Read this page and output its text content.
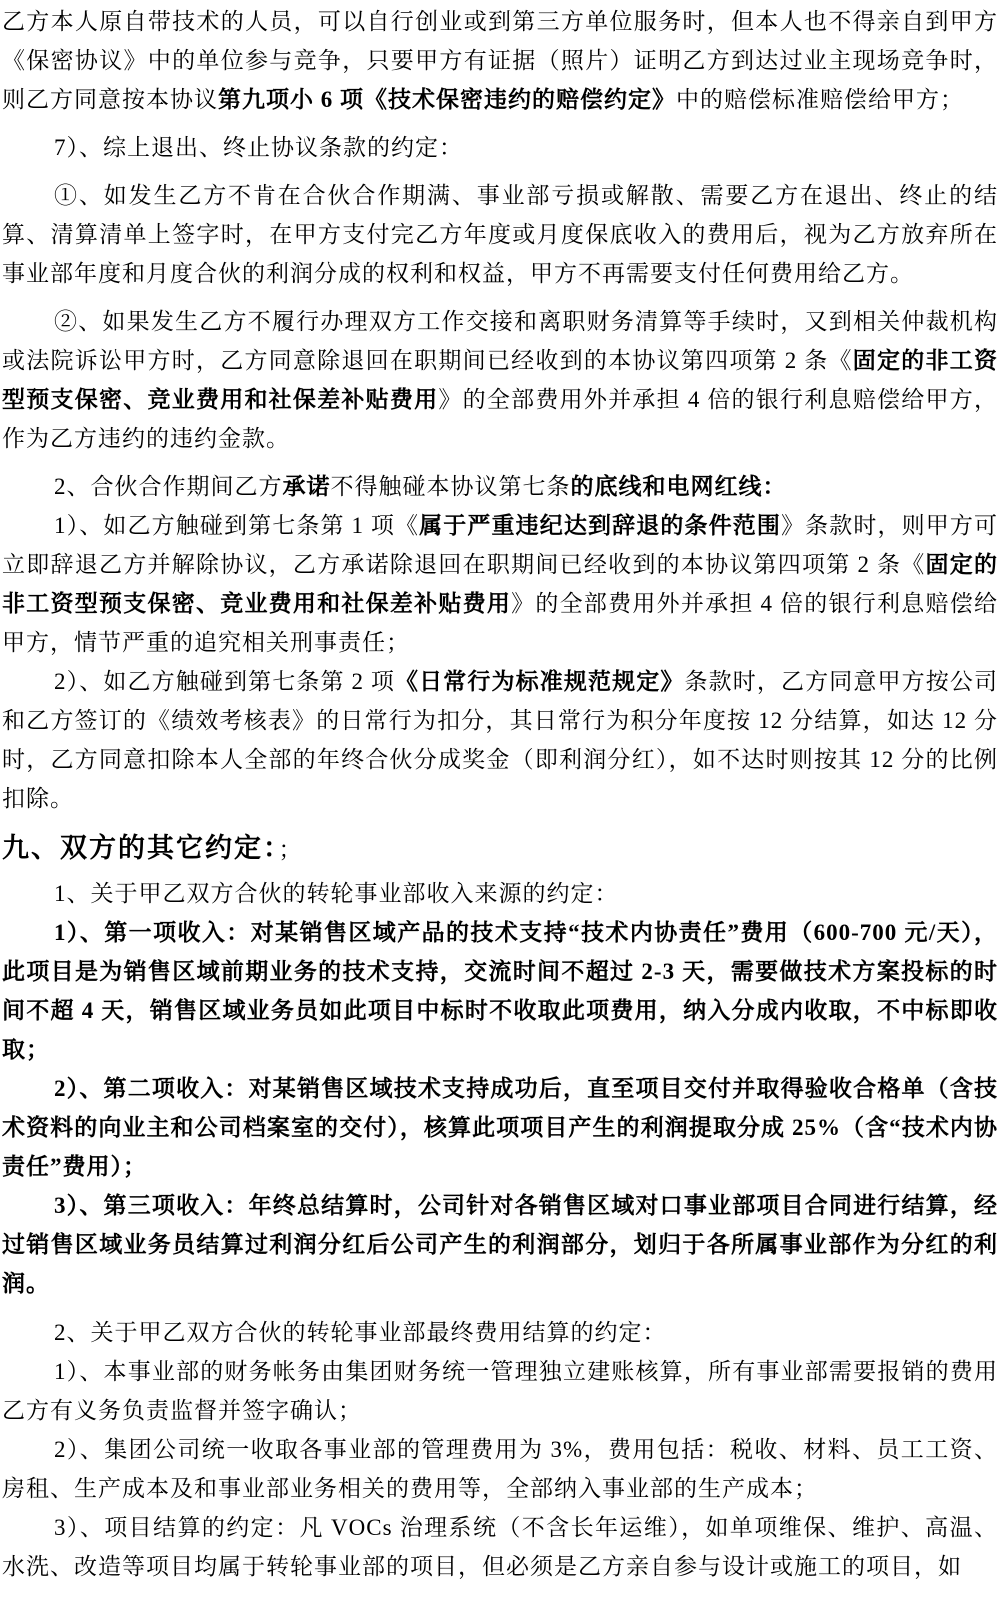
乙方本人原自带技术的人员，可以自行创业或到第三方单位服务时，但本人也不得亲自到甲方《保密协议》中的单位参与竞争，只要甲方有证据（照片）证明乙方到达过业主现场竞争时，则乙方同意按本协议第九项小 6 项《技术保密违约的赔偿约定》中的赔偿标准赔偿给甲方；

7）、综上退出、终止协议条款的约定：

①、如发生乙方不肯在合伙合作期满、事业部亏损或解散、需要乙方在退出、终止的结算、清算清单上签字时，在甲方支付完乙方年度或月度保底收入的费用后，视为乙方放弃所在事业部年度和月度合伙的利润分成的权利和权益，甲方不再需要支付任何费用给乙方。

②、如果发生乙方不履行办理双方工作交接和离职财务清算等手续时，又到相关仲裁机构或法院诉讼甲方时，乙方同意除退回在职期间已经收到的本协议第四项第 2 条《固定的非工资型预支保密、竞业费用和社保差补贴费用》的全部费用外并承担 4 倍的银行利息赔偿给甲方，作为乙方违约的违约金款。

2、合伙合作期间乙方承诺不得触碰本协议第七条的底线和电网红线：

1）、如乙方触碰到第七条第 1 项《属于严重违纪达到辞退的条件范围》条款时，则甲方可立即辞退乙方并解除协议，乙方承诺除退回在职期间已经收到的本协议第四项第 2 条《固定的非工资型预支保密、竞业费用和社保差补贴费用》的全部费用外并承担 4 倍的银行利息赔偿给甲方，情节严重的追究相关刑事责任；

2）、如乙方触碰到第七条第 2 项《日常行为标准规范规定》条款时，乙方同意甲方按公司和乙方签订的《绩效考核表》的日常行为扣分，其日常行为积分年度按 12 分结算，如达 12 分时，乙方同意扣除本人全部的年终合伙分成奖金（即利润分红），如不达时则按其 12 分的比例扣除。

九、双方的其它约定：；

1、关于甲乙双方合伙的转轮事业部收入来源的约定：

1）、第一项收入：对某销售区域产品的技术支持“技术内协责任”费用（600-700 元/天），此项目是为销售区域前期业务的技术支持，交流时间不超过 2-3 天，需要做技术方案投标的时间不超 4 天，销售区域业务员如此项目中标时不收取此项费用，纳入分成内收取，不中标即收取；

2）、第二项收入：对某销售区域技术支持成功后，直至项目交付并取得验收合格单（含技术资料的向业主和公司档案室的交付），核算此项项目产生的利润提取分成 25%（含“技术内协责任”费用）；

3）、第三项收入：年终总结算时，公司针对各销售区域对口事业部项目合同进行结算，经过销售区域业务员结算过利润分红后公司产生的利润部分，划归于各所属事业部作为分红的利润。

2、关于甲乙双方合伙的转轮事业部最终费用结算的约定：

1）、本事业部的财务帐务由集团财务统一管理独立建账核算，所有事业部需要报销的费用乙方有义务负责监督并签字确认；

2）、集团公司统一收取各事业部的管理费用为 3%，费用包括：税收、材料、员工工资、房租、生产成本及和事业部业务相关的费用等，全部纳入事业部的生产成本；

3）、项目结算的约定：凡 VOCs 治理系统（不含长年运维），如单项维保、维护、高温、水洗、改造等项目均属于转轮事业部的项目，但必须是乙方亲自参与设计或施工的项目，如
